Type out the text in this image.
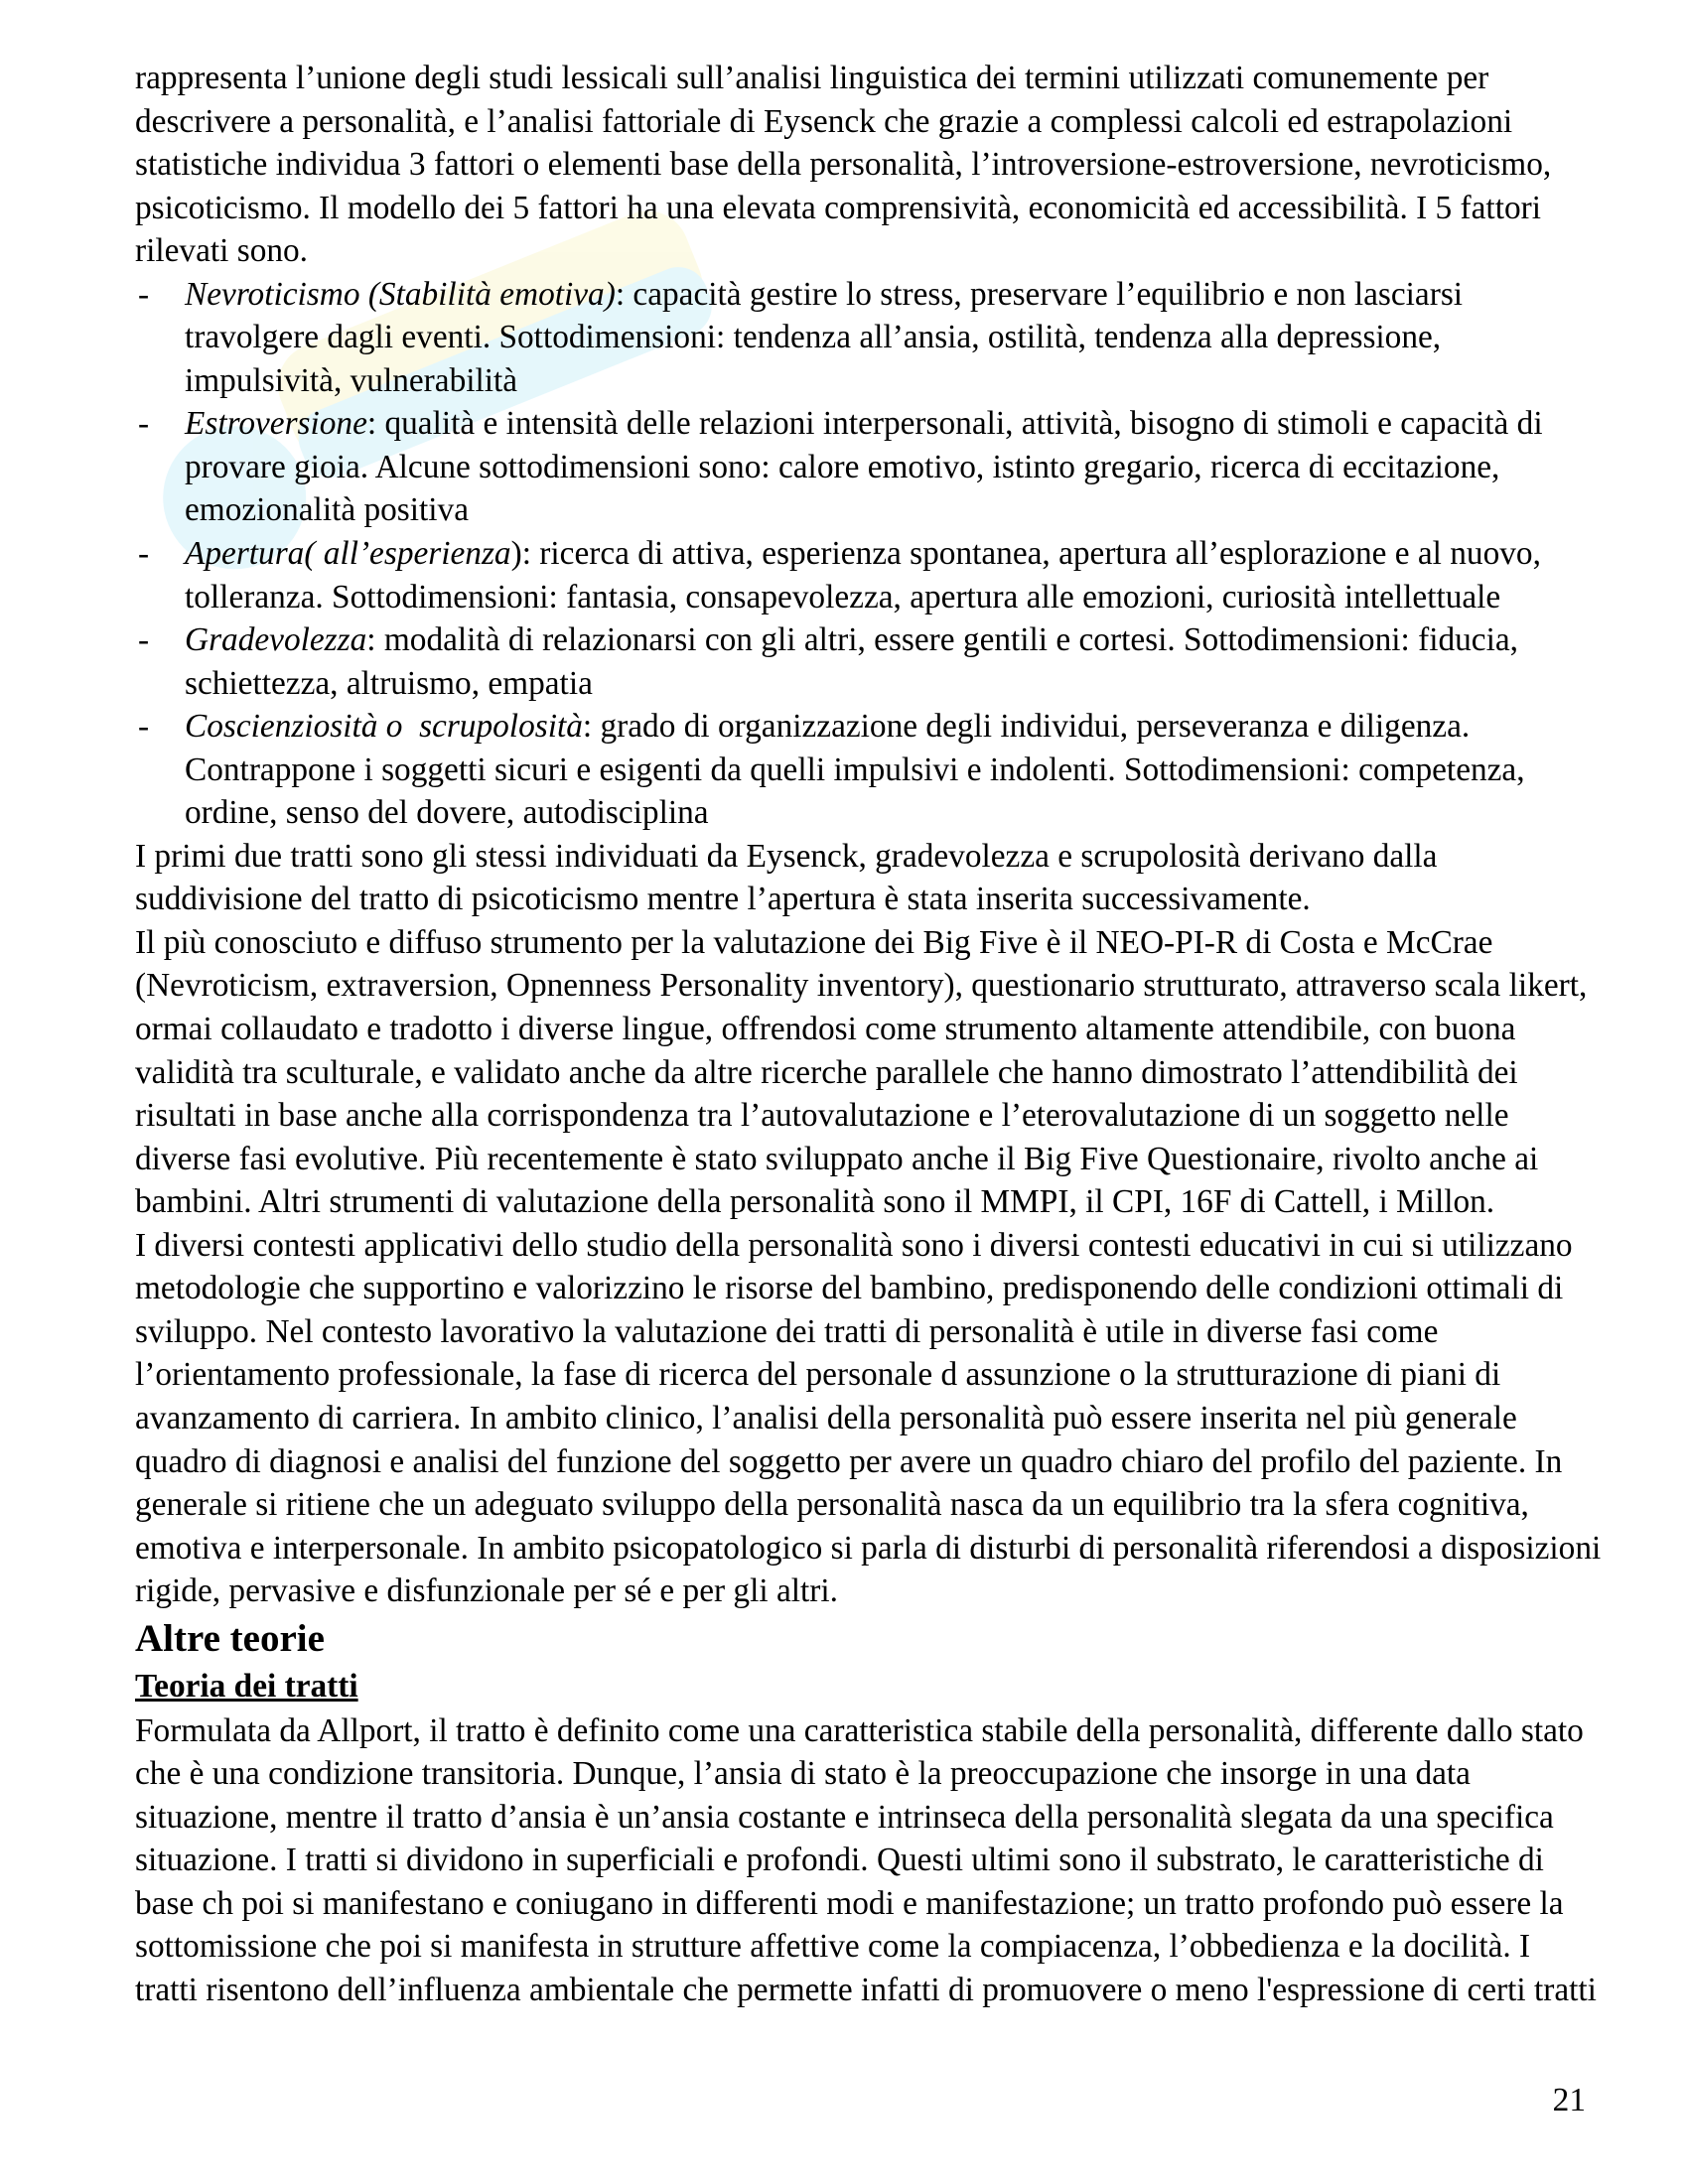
rappresenta l’unione degli studi lessicali sull’analisi linguistica dei termini utilizzati comunemente per
descrivere a personalità, e l’analisi fattoriale di Eysenck che grazie a complessi calcoli ed estrapolazioni
statistiche individua 3 fattori o elementi base della personalità, l’introversione-estroversione, nevroticismo,
psicoticismo. Il modello dei 5 fattori ha una elevata comprensività, economicità ed accessibilità. I 5 fattori
rilevati sono.
- Nevroticismo (Stabilità emotiva): capacità gestire lo stress, preservare l’equilibrio e non lasciarsi
travolgere dagli eventi. Sottodimensioni: tendenza all’ansia, ostilità, tendenza alla depressione,
impulsività, vulnerabilità
- Estroversione: qualità e intensità delle relazioni interpersonali, attività, bisogno di stimoli e capacità di
provare gioia. Alcune sottodimensioni sono: calore emotivo, istinto gregario, ricerca di eccitazione,
emozionalità positiva
- Apertura( all’esperienza): ricerca di attiva, esperienza spontanea, apertura all’esplorazione e al nuovo,
tolleranza. Sottodimensioni: fantasia, consapevolezza, apertura alle emozioni, curiosità intellettuale
- Gradevolezza: modalità di relazionarsi con gli altri, essere gentili e cortesi. Sottodimensioni: fiducia,
schiettezza, altruismo, empatia
- Coscienziosità o  scrupolosità: grado di organizzazione degli individui, perseveranza e diligenza.
Contrappone i soggetti sicuri e esigenti da quelli impulsivi e indolenti. Sottodimensioni: competenza,
ordine, senso del dovere, autodisciplina
I primi due tratti sono gli stessi individuati da Eysenck, gradevolezza e scrupolosità derivano dalla
suddivisione del tratto di psicoticismo mentre l’apertura è stata inserita successivamente.
Il più conosciuto e diffuso strumento per la valutazione dei Big Five è il NEO-PI-R di Costa e McCrae
(Nevroticism, extraversion, Opnenness Personality inventory), questionario strutturato, attraverso scala likert,
ormai collaudato e tradotto i diverse lingue, offrendosi come strumento altamente attendibile, con buona
validità tra sculturale, e validato anche da altre ricerche parallele che hanno dimostrato l’attendibilità dei
risultati in base anche alla corrispondenza tra l’autovalutazione e l’eterovalutazione di un soggetto nelle
diverse fasi evolutive. Più recentemente è stato sviluppato anche il Big Five Questionaire, rivolto anche ai
bambini. Altri strumenti di valutazione della personalità sono il MMPI, il CPI, 16F di Cattell, i Millon.
I diversi contesti applicativi dello studio della personalità sono i diversi contesti educativi in cui si utilizzano
metodologie che supportino e valorizzino le risorse del bambino, predisponendo delle condizioni ottimali di
sviluppo. Nel contesto lavorativo la valutazione dei tratti di personalità è utile in diverse fasi come
l’orientamento professionale, la fase di ricerca del personale d assunzione o la strutturazione di piani di
avanzamento di carriera. In ambito clinico, l’analisi della personalità può essere inserita nel più generale
quadro di diagnosi e analisi del funzione del soggetto per avere un quadro chiaro del profilo del paziente. In
generale si ritiene che un adeguato sviluppo della personalità nasca da un equilibrio tra la sfera cognitiva,
emotiva e interpersonale. In ambito psicopatologico si parla di disturbi di personalità riferendosi a disposizioni
rigide, pervasive e disfunzionale per sé e per gli altri.
Altre teorie
Teoria dei tratti
Formulata da Allport, il tratto è definito come una caratteristica stabile della personalità, differente dallo stato
che è una condizione transitoria. Dunque, l’ansia di stato è la preoccupazione che insorge in una data
situazione, mentre il tratto d’ansia è un’ansia costante e intrinseca della personalità slegata da una specifica
situazione. I tratti si dividono in superficiali e profondi. Questi ultimi sono il substrato, le caratteristiche di
base ch poi si manifestano e coniugano in differenti modi e manifestazione; un tratto profondo può essere la
sottomissione che poi si manifesta in strutture affettive come la compiacenza, l’obbedienza e la docilità. I
tratti risentono dell’influenza ambientale che permette infatti di promuovere o meno l'espressione di certi tratti
21
